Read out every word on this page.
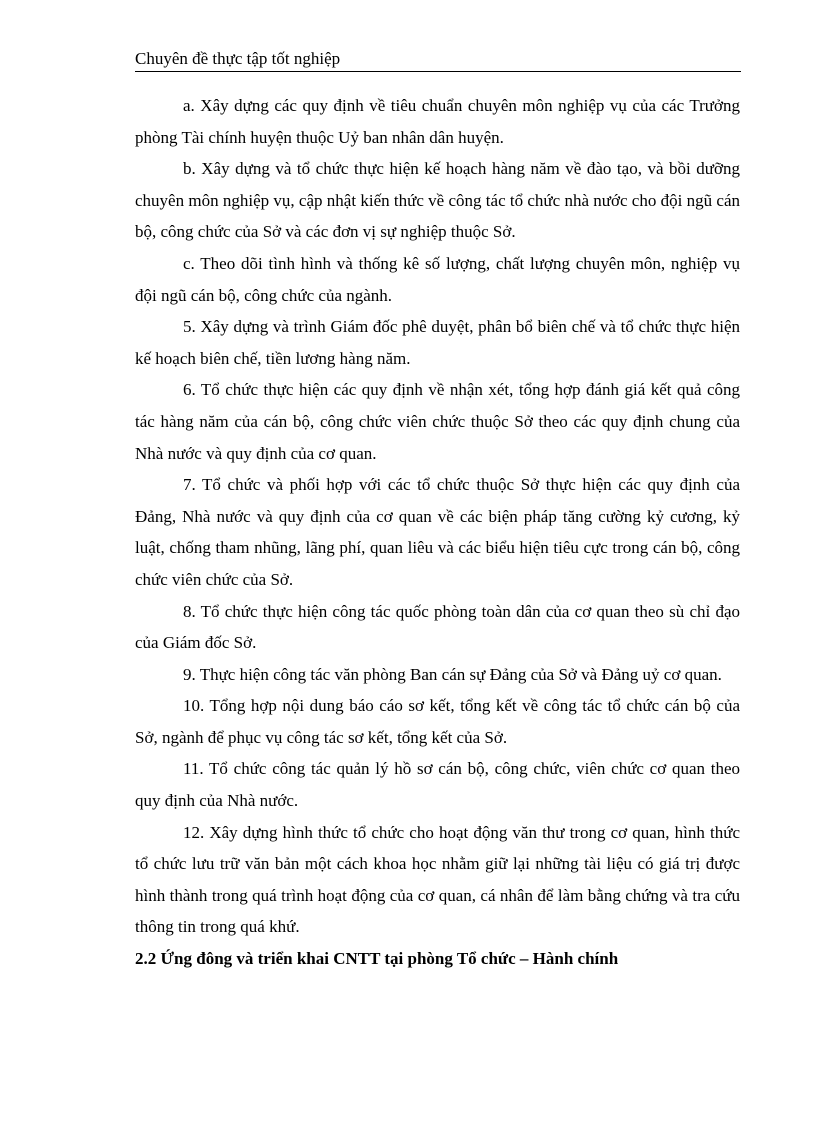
Chuyên đề thực tập tốt nghiệp

a. Xây dựng các quy định về tiêu chuẩn chuyên môn nghiệp vụ của các Trưởng phòng Tài chính huyện thuộc Uỷ ban nhân dân huyện.

b. Xây dựng và tổ chức thực hiện kế hoạch hàng năm về đào tạo, và bồi dưỡng chuyên môn nghiệp vụ, cập nhật kiến thức về công tác tổ chức nhà nước cho đội ngũ cán bộ, công chức của Sở và các đơn vị sự nghiệp thuộc Sở.

c. Theo dõi tình hình và thống kê số lượng, chất lượng chuyên môn, nghiệp vụ đội ngũ cán bộ, công chức của ngành.

5. Xây dựng và trình Giám đốc phê duyệt, phân bổ biên chế và tổ chức thực hiện kế hoạch biên chế, tiền lương hàng năm.

6. Tổ chức thực hiện các quy định về nhận xét, tổng hợp đánh giá kết quả công tác hàng năm của cán bộ, công chức viên chức thuộc Sở theo các quy định chung của Nhà nước và quy định của cơ quan.

7. Tổ chức và phối hợp với các tổ chức thuộc Sở thực hiện các quy định của Đảng, Nhà nước và quy định của cơ quan về các biện pháp tăng cường kỷ cương, kỷ luật, chống tham nhũng, lãng phí, quan liêu và các biểu hiện tiêu cực trong cán bộ, công chức viên chức của Sở.

8. Tổ chức thực hiện công tác quốc phòng toàn dân của cơ quan theo sù chỉ đạo của Giám đốc Sở.

9. Thực hiện công tác văn phòng Ban cán sự Đảng của Sở và Đảng uỷ cơ quan.

10. Tổng hợp nội dung báo cáo sơ kết, tổng kết về công tác tổ chức cán bộ của Sở, ngành để phục vụ công tác sơ kết, tổng kết của Sở.

11. Tổ chức công tác quản lý hồ sơ cán bộ, công chức, viên chức cơ quan theo quy định của Nhà nước.

12. Xây dựng hình thức tổ chức cho hoạt động văn thư trong cơ quan, hình thức tổ chức lưu trữ văn bản một cách khoa học nhằm giữ lại những tài liệu có giá trị được hình thành trong quá trình hoạt động của cơ quan, cá nhân để làm bằng chứng và tra cứu thông tin trong quá khứ.

2.2 Ứng đông và triển khai CNTT tại phòng Tổ chức – Hành chính
